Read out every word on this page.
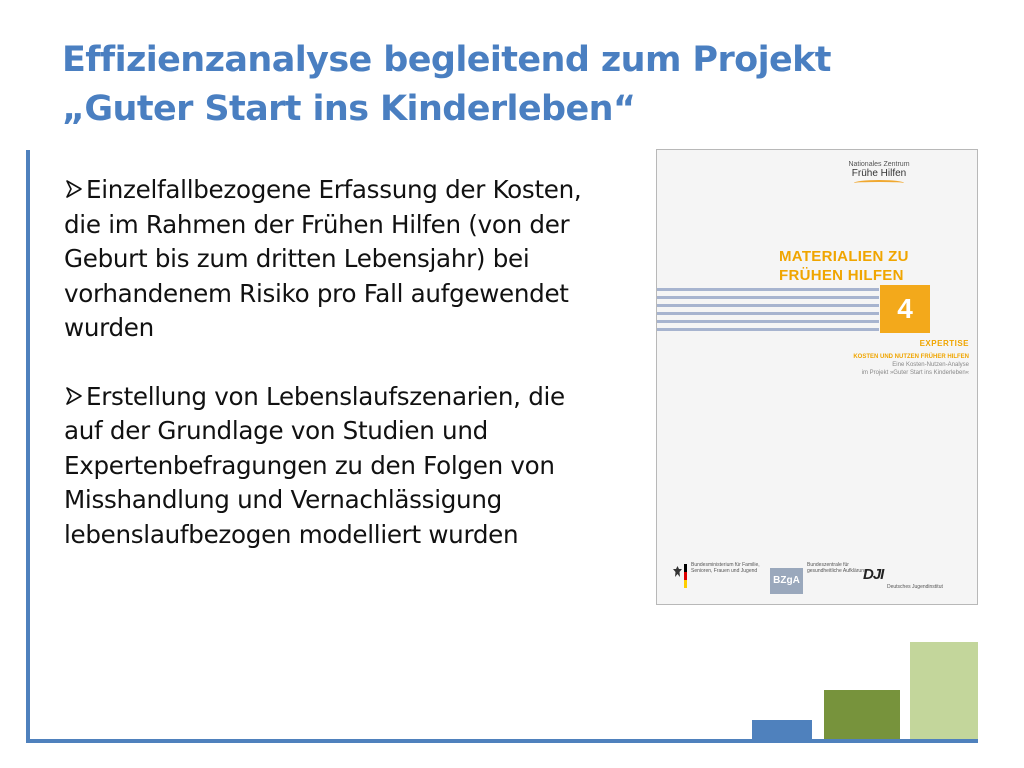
Effizienzanalyse begleitend zum Projekt „Guter Start ins Kinderleben“

Einzelfallbezogene Erfassung der Kosten, die im Rahmen der Frühen Hilfen (von der Geburt bis zum dritten Lebensjahr) bei vorhandenem Risiko pro Fall aufgewendet wurden

Erstellung von Lebenslaufszenarien, die auf der Grundlage von Studien und Expertenbefragungen zu den Folgen von Misshandlung und Vernachlässigung lebenslaufbezogen modelliert wurden

Nationales Zentrum
Frühe Hilfen
MATERIALIEN ZU FRÜHEN HILFEN
4
EXPERTISE
KOSTEN UND NUTZEN FRÜHER HILFEN
Eine Kosten-Nutzen-Analyse
im Projekt »Guter Start ins Kinderleben«
Bundesministerium für Familie, Senioren, Frauen und Jugend
BZgA
Bundeszentrale für gesundheitliche Aufklärung
DJI
Deutsches Jugendinstitut
